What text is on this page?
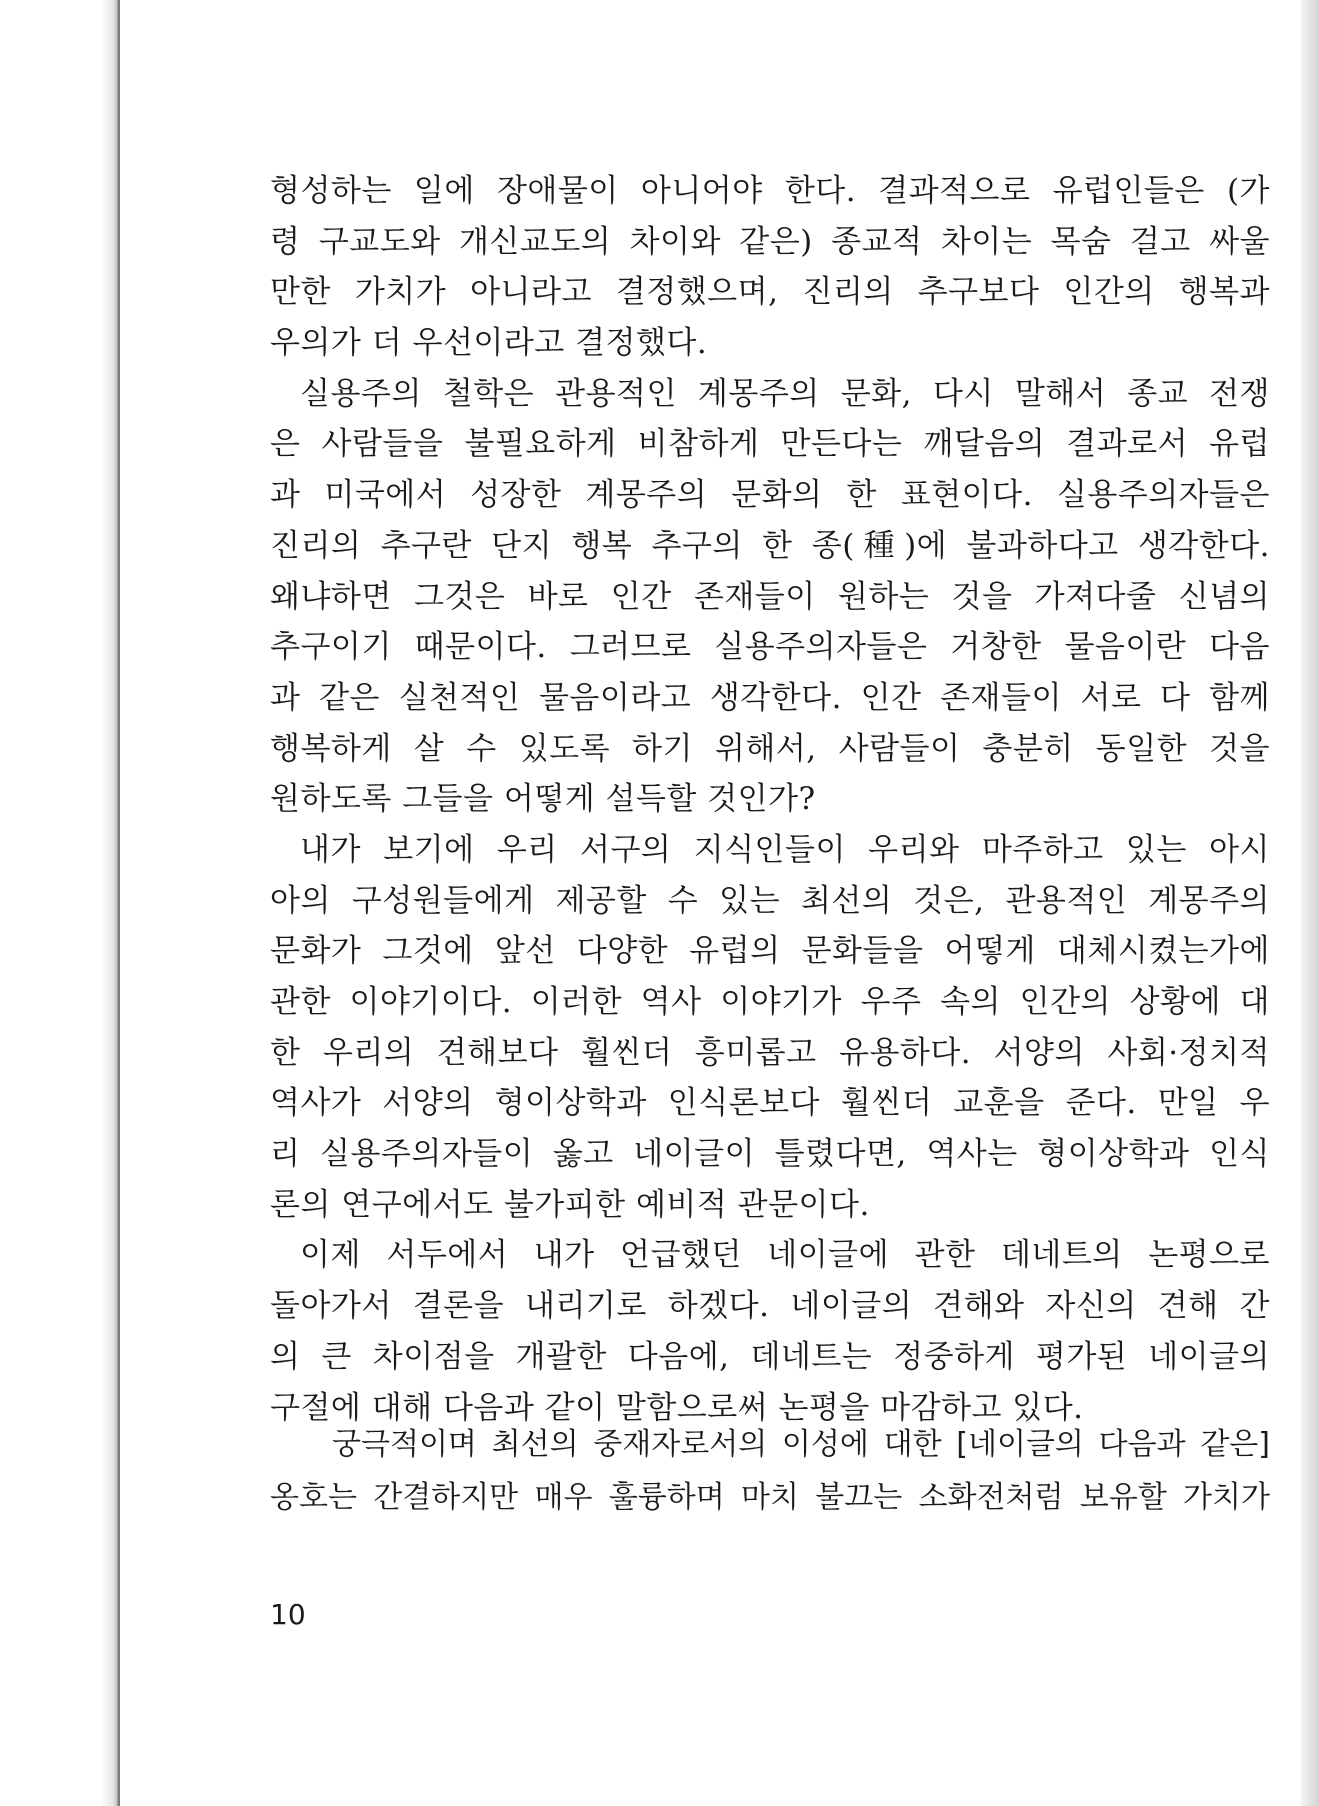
형성하는 일에 장애물이 아니어야 한다. 결과적으로 유럽인들은 (가
령 구교도와 개신교도의 차이와 같은) 종교적 차이는 목숨 걸고 싸울
만한 가치가 아니라고 결정했으며, 진리의 추구보다 인간의 행복과
우의가 더 우선이라고 결정했다.
실용주의 철학은 관용적인 계몽주의 문화, 다시 말해서 종교 전쟁
은 사람들을 불필요하게 비참하게 만든다는 깨달음의 결과로서 유럽
과 미국에서 성장한 계몽주의 문화의 한 표현이다. 실용주의자들은
진리의 추구란 단지 행복 추구의 한 종(種)에 불과하다고 생각한다.
왜냐하면 그것은 바로 인간 존재들이 원하는 것을 가져다줄 신념의
추구이기 때문이다. 그러므로 실용주의자들은 거창한 물음이란 다음
과 같은 실천적인 물음이라고 생각한다. 인간 존재들이 서로 다 함께
행복하게 살 수 있도록 하기 위해서, 사람들이 충분히 동일한 것을
원하도록 그들을 어떻게 설득할 것인가?
내가 보기에 우리 서구의 지식인들이 우리와 마주하고 있는 아시
아의 구성원들에게 제공할 수 있는 최선의 것은, 관용적인 계몽주의
문화가 그것에 앞선 다양한 유럽의 문화들을 어떻게 대체시켰는가에
관한 이야기이다. 이러한 역사 이야기가 우주 속의 인간의 상황에 대
한 우리의 견해보다 훨씬더 흥미롭고 유용하다. 서양의 사회·정치적
역사가 서양의 형이상학과 인식론보다 훨씬더 교훈을 준다. 만일 우
리 실용주의자들이 옳고 네이글이 틀렸다면, 역사는 형이상학과 인식
론의 연구에서도 불가피한 예비적 관문이다.
이제 서두에서 내가 언급했던 네이글에 관한 데네트의 논평으로
돌아가서 결론을 내리기로 하겠다. 네이글의 견해와 자신의 견해 간
의 큰 차이점을 개괄한 다음에, 데네트는 정중하게 평가된 네이글의
구절에 대해 다음과 같이 말함으로써 논평을 마감하고 있다.
궁극적이며 최선의 중재자로서의 이성에 대한 [네이글의 다음과 같은]
옹호는 간결하지만 매우 훌륭하며 마치 불끄는 소화전처럼 보유할 가치가
10
